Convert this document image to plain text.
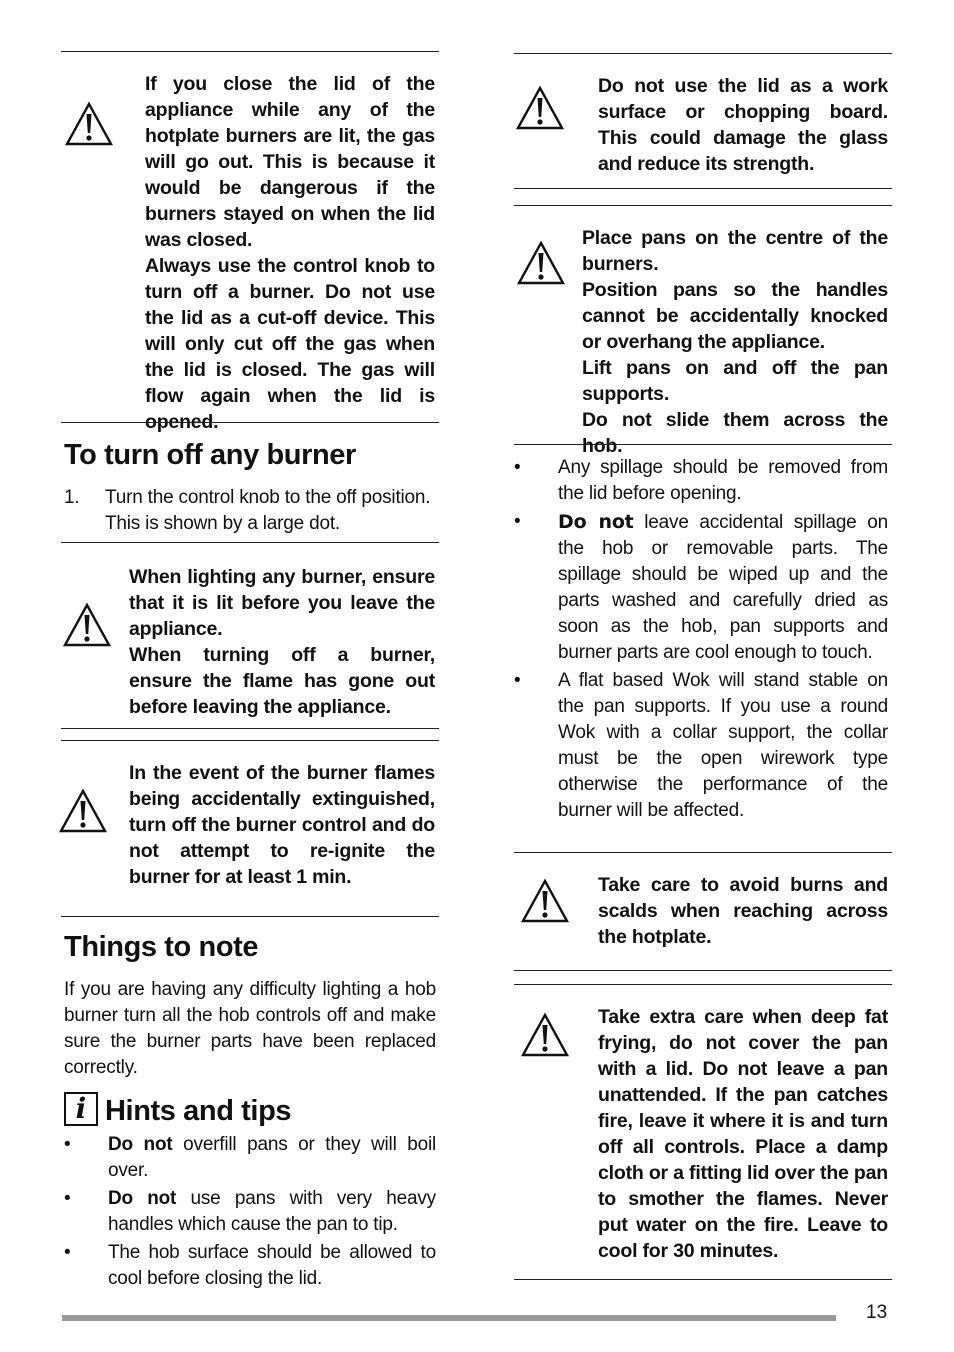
If you close the lid of the appliance while any of the hotplate burners are lit, the gas will go out. This is because it would be dangerous if the burners stayed on when the lid was closed.

Always use the control knob to turn off a burner. Do not use the lid as a cut-off device. This will only cut off the gas when the lid is closed. The gas will flow again when the lid is opened.

To turn off any burner
1. Turn the control knob to the off position. This is shown by a large dot.

When lighting any burner, ensure that it is lit before you leave the appliance.

When turning off a burner, ensure the flame has gone out before leaving the appliance.

In the event of the burner flames being accidentally extinguished, turn off the burner control and do not attempt to re-ignite the burner for at least 1 min.

Things to note

If you are having any difficulty lighting a hob burner turn all the hob controls off and make sure the burner parts have been replaced correctly.

i Hints and tips
• Do not overfill pans or they will boil over.
• Do not use pans with very heavy handles which cause the pan to tip.
• The hob surface should be allowed to cool before closing the lid.

Do not use the lid as a work surface or chopping board. This could damage the glass and reduce its strength.

Place pans on the centre of the burners.

Position pans so the handles cannot be accidentally knocked or overhang the appliance.

Lift pans on and off the pan supports.

Do not slide them across the hob.

• Any spillage should be removed from the lid before opening.
• Do not leave accidental spillage on the hob or removable parts. The spillage should be wiped up and the parts washed and carefully dried as soon as the hob, pan supports and burner parts are cool enough to touch.
• A flat based Wok will stand stable on the pan supports. If you use a round Wok with a collar support, the collar must be the open wirework type otherwise the performance of the burner will be affected.

Take care to avoid burns and scalds when reaching across the hotplate.

Take extra care when deep fat frying, do not cover the pan with a lid. Do not leave a pan unattended. If the pan catches fire, leave it where it is and turn off all controls. Place a damp cloth or a fitting lid over the pan to smother the flames. Never put water on the fire. Leave to cool for 30 minutes.

13
